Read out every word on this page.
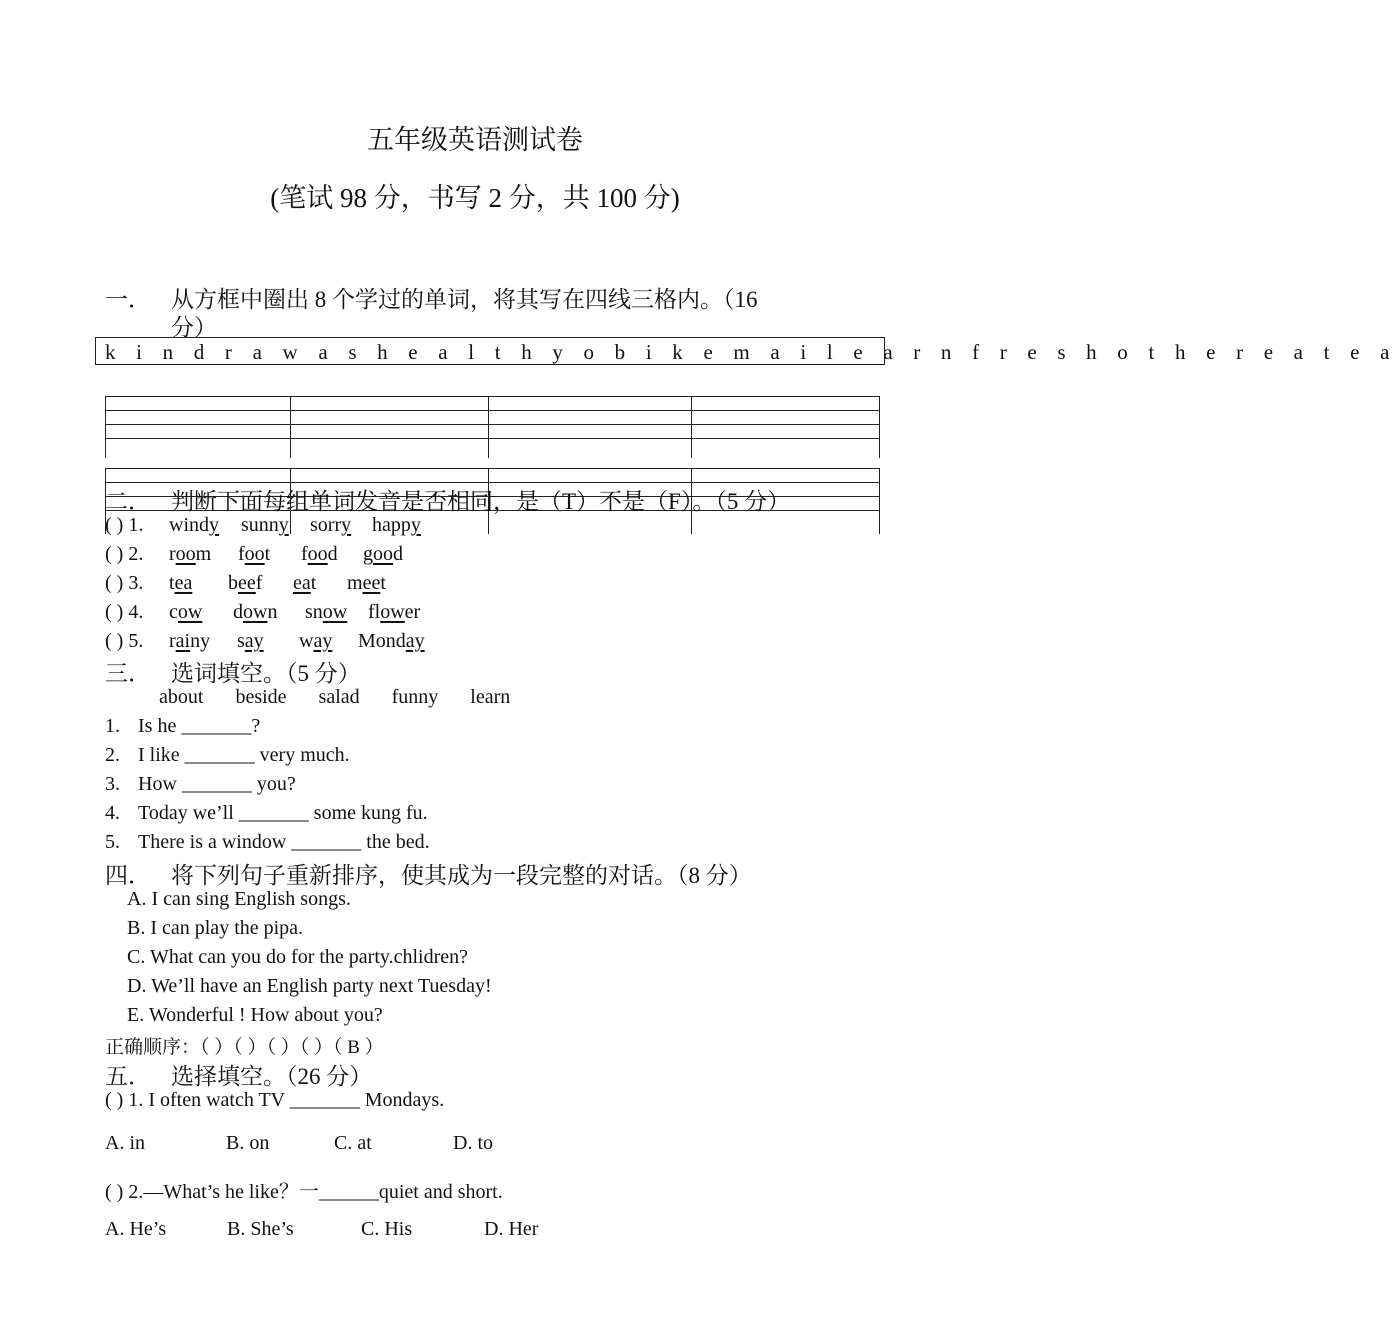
五年级英语测试卷
(笔试 98 分，书写 2 分，共 100 分)
一． 从方框中圈出 8 个学过的单词，将其写在四线三格内。（16
分）
k i n d r a w a s h e a l t h y o b i k e m a i l e a r n f r e s h o t h e r e a t e a
二． 判断下面每组单词发音是否相同，是（T）不是（F）。（5 分）
( ) 1. windy sunny sorry happy
( ) 2. room foot food good
( ) 3. tea beef eat meet
( ) 4. cow down snow flower
( ) 5. rainy say way Monday
三． 选词填空。（5 分）
about beside salad funny learn
1. Is he _______?
2. I like _______ very much.
3. How _______ you?
4. Today we’ll _______ some kung fu.
5. There is a window _______ the bed.
四． 将下列句子重新排序，使其成为一段完整的对话。（8 分）
A. I can sing English songs.
B. I can play the pipa.
C. What can you do for the party.chlidren?
D. We’ll have an English party next Tuesday!
E. Wonderful ! How about you?
正确顺序：（ ）（ ）（ ）（ ）（ B ）
五． 选择填空。（26 分）
( ) 1. I often watch TV _______ Mondays.
A. in	B. on	C. at	D. to
( ) 2.—What’s he like？一______quiet and short.
A. He’s	B. She’s	C. His	D. Her
